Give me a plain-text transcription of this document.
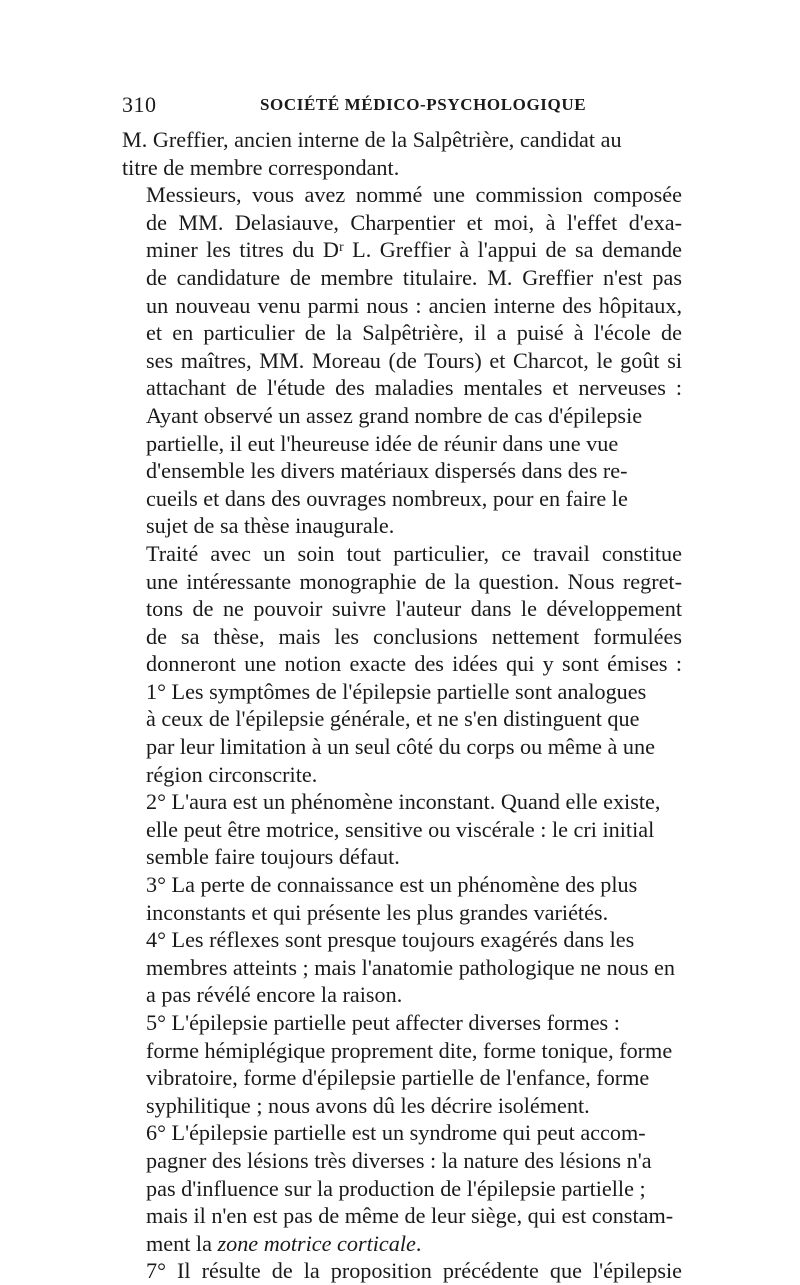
310	SOCIÉTÉ MÉDICO-PSYCHOLOGIQUE

M. Greffier, ancien interne de la Salpêtrière, candidat au
titre de membre correspondant.

Messieurs, vous avez nommé une commission composée
de MM. Delasiauve, Charpentier et moi, à l'effet d'exa-
miner les titres du Dʳ L. Greffier à l'appui de sa demande
de candidature de membre titulaire. M. Greffier n'est pas
un nouveau venu parmi nous : ancien interne des hôpitaux,
et en particulier de la Salpêtrière, il a puisé à l'école de
ses maîtres, MM. Moreau (de Tours) et Charcot, le goût si
attachant de l'étude des maladies mentales et nerveuses :

Ayant observé un assez grand nombre de cas d'épilepsie
partielle, il eut l'heureuse idée de réunir dans une vue
d'ensemble les divers matériaux dispersés dans des re-
cueils et dans des ouvrages nombreux, pour en faire le
sujet de sa thèse inaugurale.

Traité avec un soin tout particulier, ce travail constitue
une intéressante monographie de la question. Nous regret-
tons de ne pouvoir suivre l'auteur dans le développement
de sa thèse, mais les conclusions nettement formulées
donneront une notion exacte des idées qui y sont émises :

1° Les symptômes de l'épilepsie partielle sont analogues
à ceux de l'épilepsie générale, et ne s'en distinguent que
par leur limitation à un seul côté du corps ou même à une
région circonscrite.

2° L'aura est un phénomène inconstant. Quand elle existe,
elle peut être motrice, sensitive ou viscérale : le cri initial
semble faire toujours défaut.

3° La perte de connaissance est un phénomène des plus
inconstants et qui présente les plus grandes variétés.

4° Les réflexes sont presque toujours exagérés dans les
membres atteints ; mais l'anatomie pathologique ne nous en
a pas révélé encore la raison.

5° L'épilepsie partielle peut affecter diverses formes :
forme hémiplégique proprement dite, forme tonique, forme
vibratoire, forme d'épilepsie partielle de l'enfance, forme
syphilitique ; nous avons dû les décrire isolément.

6° L'épilepsie partielle est un syndrome qui peut accom-
pagner des lésions très diverses : la nature des lésions n'a
pas d'influence sur la production de l'épilepsie partielle ;
mais il n'en est pas de même de leur siège, qui est constam-
ment la zone motrice corticale.

7° Il résulte de la proposition précédente que l'épilepsie
